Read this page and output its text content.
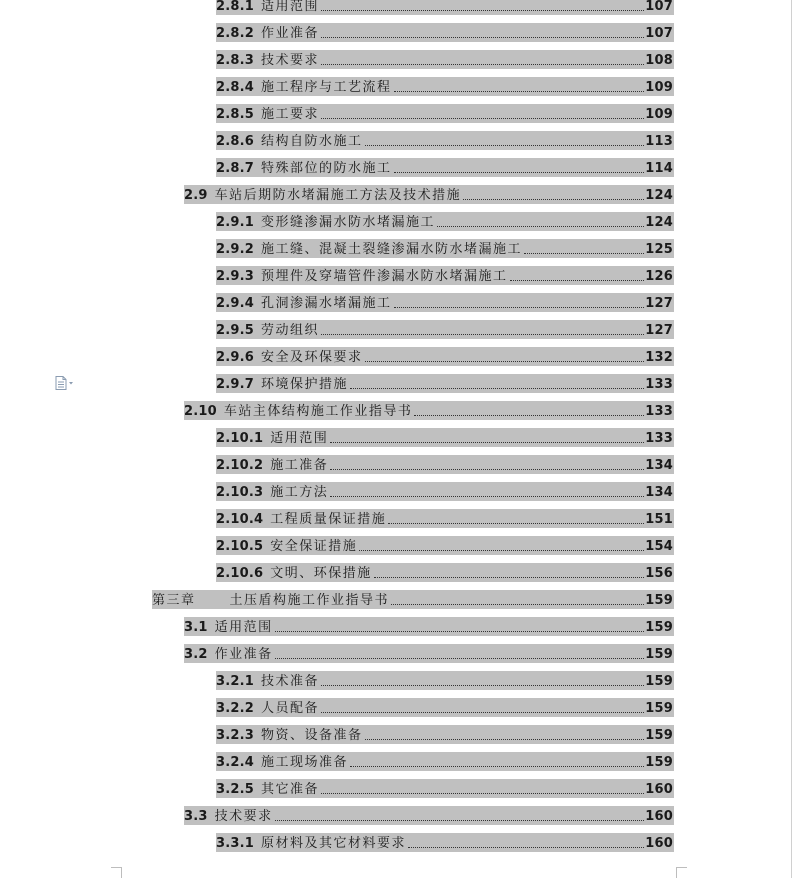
2.8.1 适用范围	107
2.8.2 作业准备	107
2.8.3 技术要求	108
2.8.4 施工程序与工艺流程	109
2.8.5 施工要求	109
2.8.6 结构自防水施工	113
2.8.7 特殊部位的防水施工	114
2.9 车站后期防水堵漏施工方法及技术措施	124
2.9.1 变形缝渗漏水防水堵漏施工	124
2.9.2 施工缝、混凝土裂缝渗漏水防水堵漏施工	125
2.9.3 预埋件及穿墙管件渗漏水防水堵漏施工	126
2.9.4 孔洞渗漏水堵漏施工	127
2.9.5 劳动组织	127
2.9.6 安全及环保要求	132
2.9.7 环境保护措施	133
2.10 车站主体结构施工作业指导书	133
2.10.1 适用范围	133
2.10.2 施工准备	134
2.10.3 施工方法	134
2.10.4 工程质量保证措施	151
2.10.5 安全保证措施	154
2.10.6 文明、环保措施	156
第三章	土压盾构施工作业指导书	159
3.1 适用范围	159
3.2 作业准备	159
3.2.1 技术准备	159
3.2.2 人员配备	159
3.2.3 物资、设备准备	159
3.2.4 施工现场准备	159
3.2.5 其它准备	160
3.3 技术要求	160
3.3.1 原材料及其它材料要求	160
